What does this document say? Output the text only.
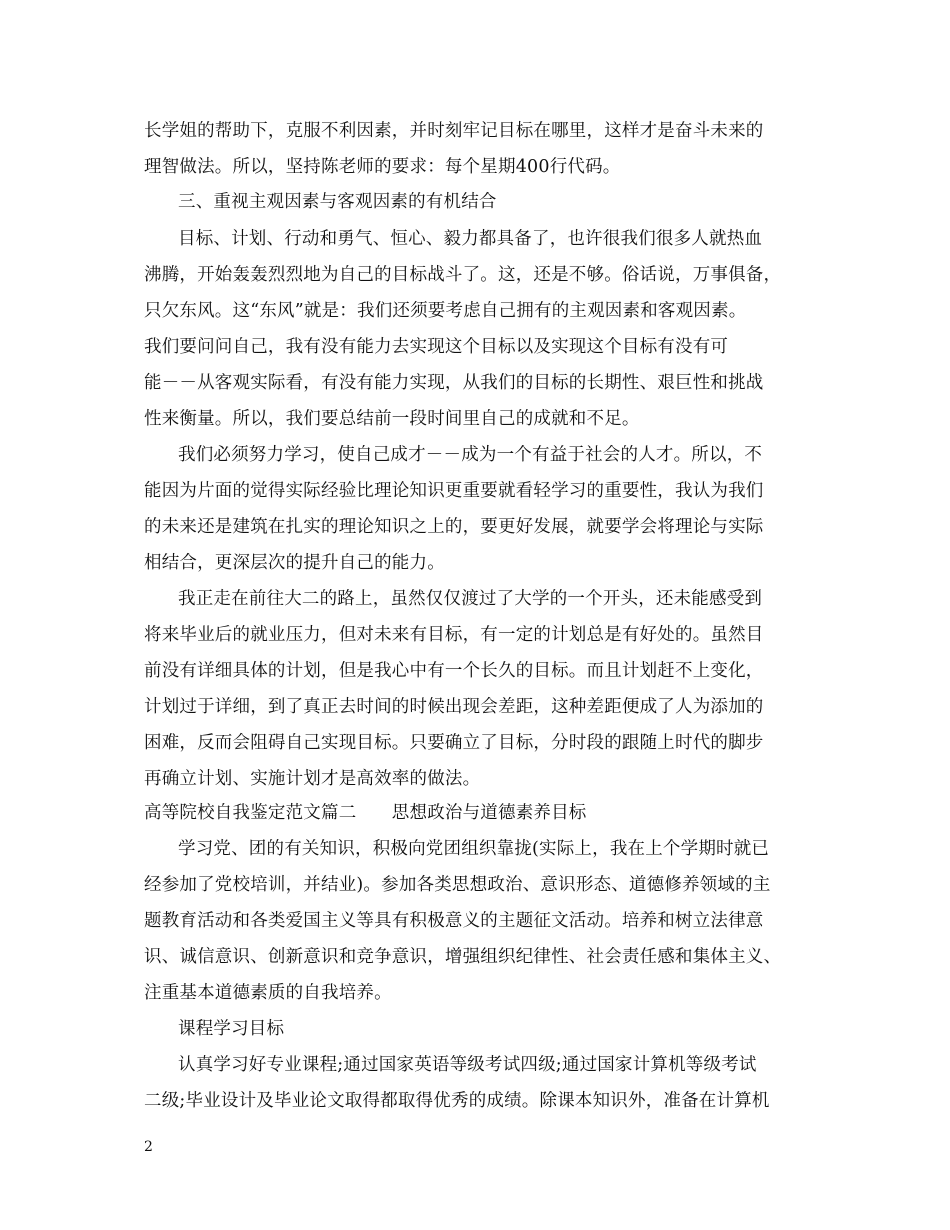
长学姐的帮助下，克服不利因素，并时刻牢记目标在哪里，这样才是奋斗未来的
理智做法。所以，坚持陈老师的要求：每个星期400行代码。
三、重视主观因素与客观因素的有机结合
目标、计划、行动和勇气、恒心、毅力都具备了，也许很我们很多人就热血
沸腾，开始轰轰烈烈地为自己的目标战斗了。这，还是不够。俗话说，万事俱备，
只欠东风。这“东风”就是：我们还须要考虑自己拥有的主观因素和客观因素。
我们要问问自己，我有没有能力去实现这个目标以及实现这个目标有没有可
能－－从客观实际看，有没有能力实现，从我们的目标的长期性、艰巨性和挑战
性来衡量。所以，我们要总结前一段时间里自己的成就和不足。
我们必须努力学习，使自己成才－－成为一个有益于社会的人才。所以，不
能因为片面的觉得实际经验比理论知识更重要就看轻学习的重要性，我认为我们
的未来还是建筑在扎实的理论知识之上的，要更好发展，就要学会将理论与实际
相结合，更深层次的提升自己的能力。
我正走在前往大二的路上，虽然仅仅渡过了大学的一个开头，还未能感受到
将来毕业后的就业压力，但对未来有目标，有一定的计划总是有好处的。虽然目
前没有详细具体的计划，但是我心中有一个长久的目标。而且计划赶不上变化，
计划过于详细，到了真正去时间的时候出现会差距，这种差距便成了人为添加的
困难，反而会阻碍自己实现目标。只要确立了目标，分时段的跟随上时代的脚步
再确立计划、实施计划才是高效率的做法。
高等院校自我鉴定范文篇二　　思想政治与道德素养目标
学习党、团的有关知识，积极向党团组织靠拢(实际上，我在上个学期时就已
经参加了党校培训，并结业)。参加各类思想政治、意识形态、道德修养领域的主
题教育活动和各类爱国主义等具有积极意义的主题征文活动。培养和树立法律意
识、诚信意识、创新意识和竞争意识，增强组织纪律性、社会责任感和集体主义、
注重基本道德素质的自我培养。
课程学习目标
认真学习好专业课程;通过国家英语等级考试四级;通过国家计算机等级考试
二级;毕业设计及毕业论文取得都取得优秀的成绩。除课本知识外，准备在计算机
2
